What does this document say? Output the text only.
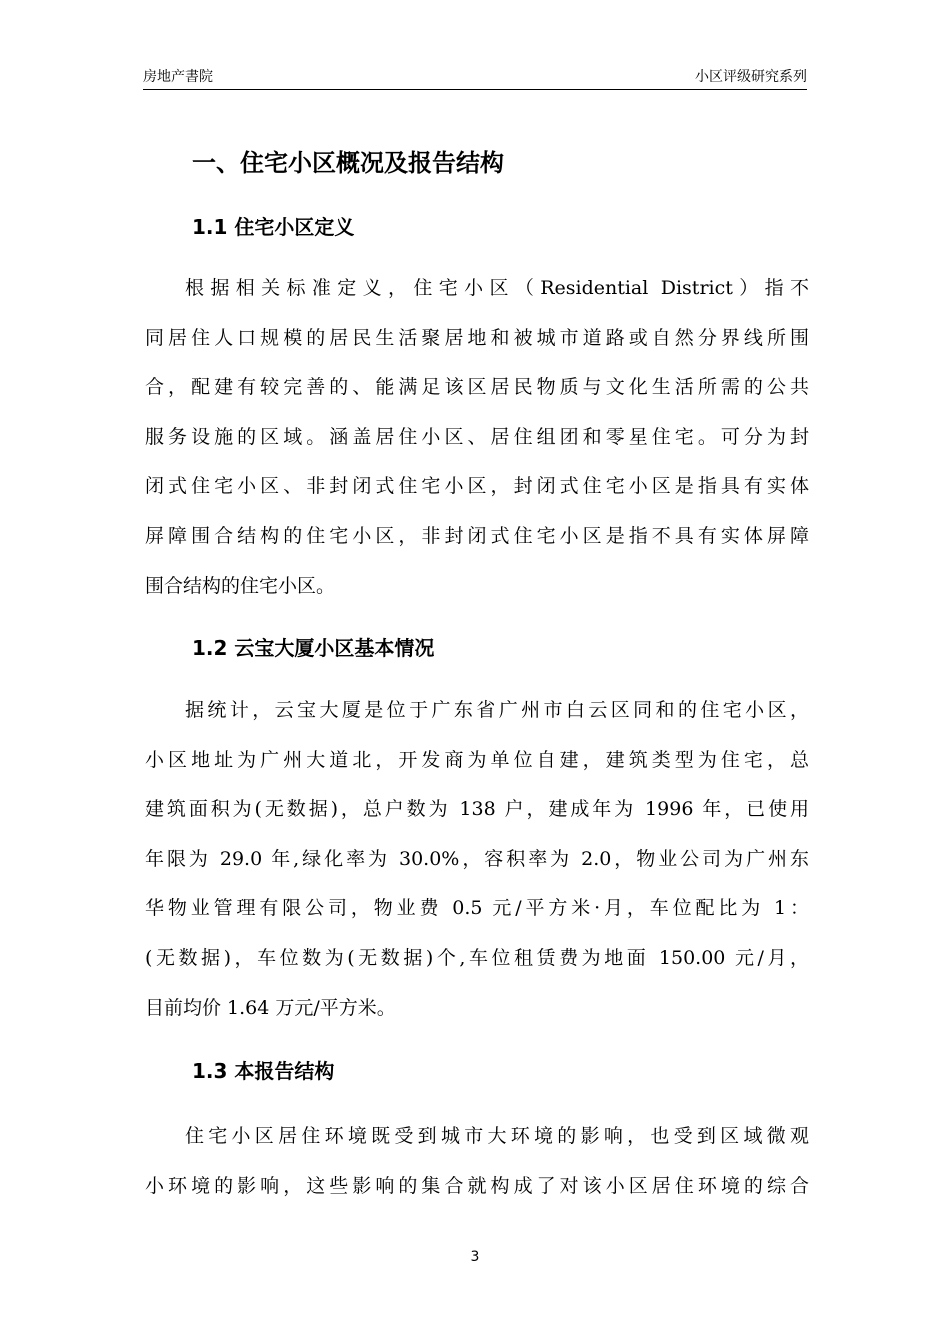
房地产書院	小区评级研究系列
一、住宅小区概况及报告结构
1.1 住宅小区定义
根据相关标准定义，住宅小区（Residential District）指不
同居住人口规模的居民生活聚居地和被城市道路或自然分界线所围
合，配建有较完善的、能满足该区居民物质与文化生活所需的公共
服务设施的区域。涵盖居住小区、居住组团和零星住宅。可分为封
闭式住宅小区、非封闭式住宅小区，封闭式住宅小区是指具有实体
屏障围合结构的住宅小区，非封闭式住宅小区是指不具有实体屏障
围合结构的住宅小区。
1.2 云宝大厦小区基本情况
据统计，云宝大厦是位于广东省广州市白云区同和的住宅小区，
小区地址为广州大道北，开发商为单位自建，建筑类型为住宅，总
建筑面积为(无数据)，总户数为 138 户，建成年为 1996 年，已使用
年限为 29.0 年,绿化率为 30.0%，容积率为 2.0，物业公司为广州东
华物业管理有限公司，物业费 0.5 元/平方米·月，车位配比为 1：
(无数据)，车位数为(无数据)个,车位租赁费为地面 150.00 元/月，
目前均价 1.64 万元/平方米。
1.3 本报告结构
住宅小区居住环境既受到城市大环境的影响，也受到区域微观
小环境的影响，这些影响的集合就构成了对该小区居住环境的综合
3
